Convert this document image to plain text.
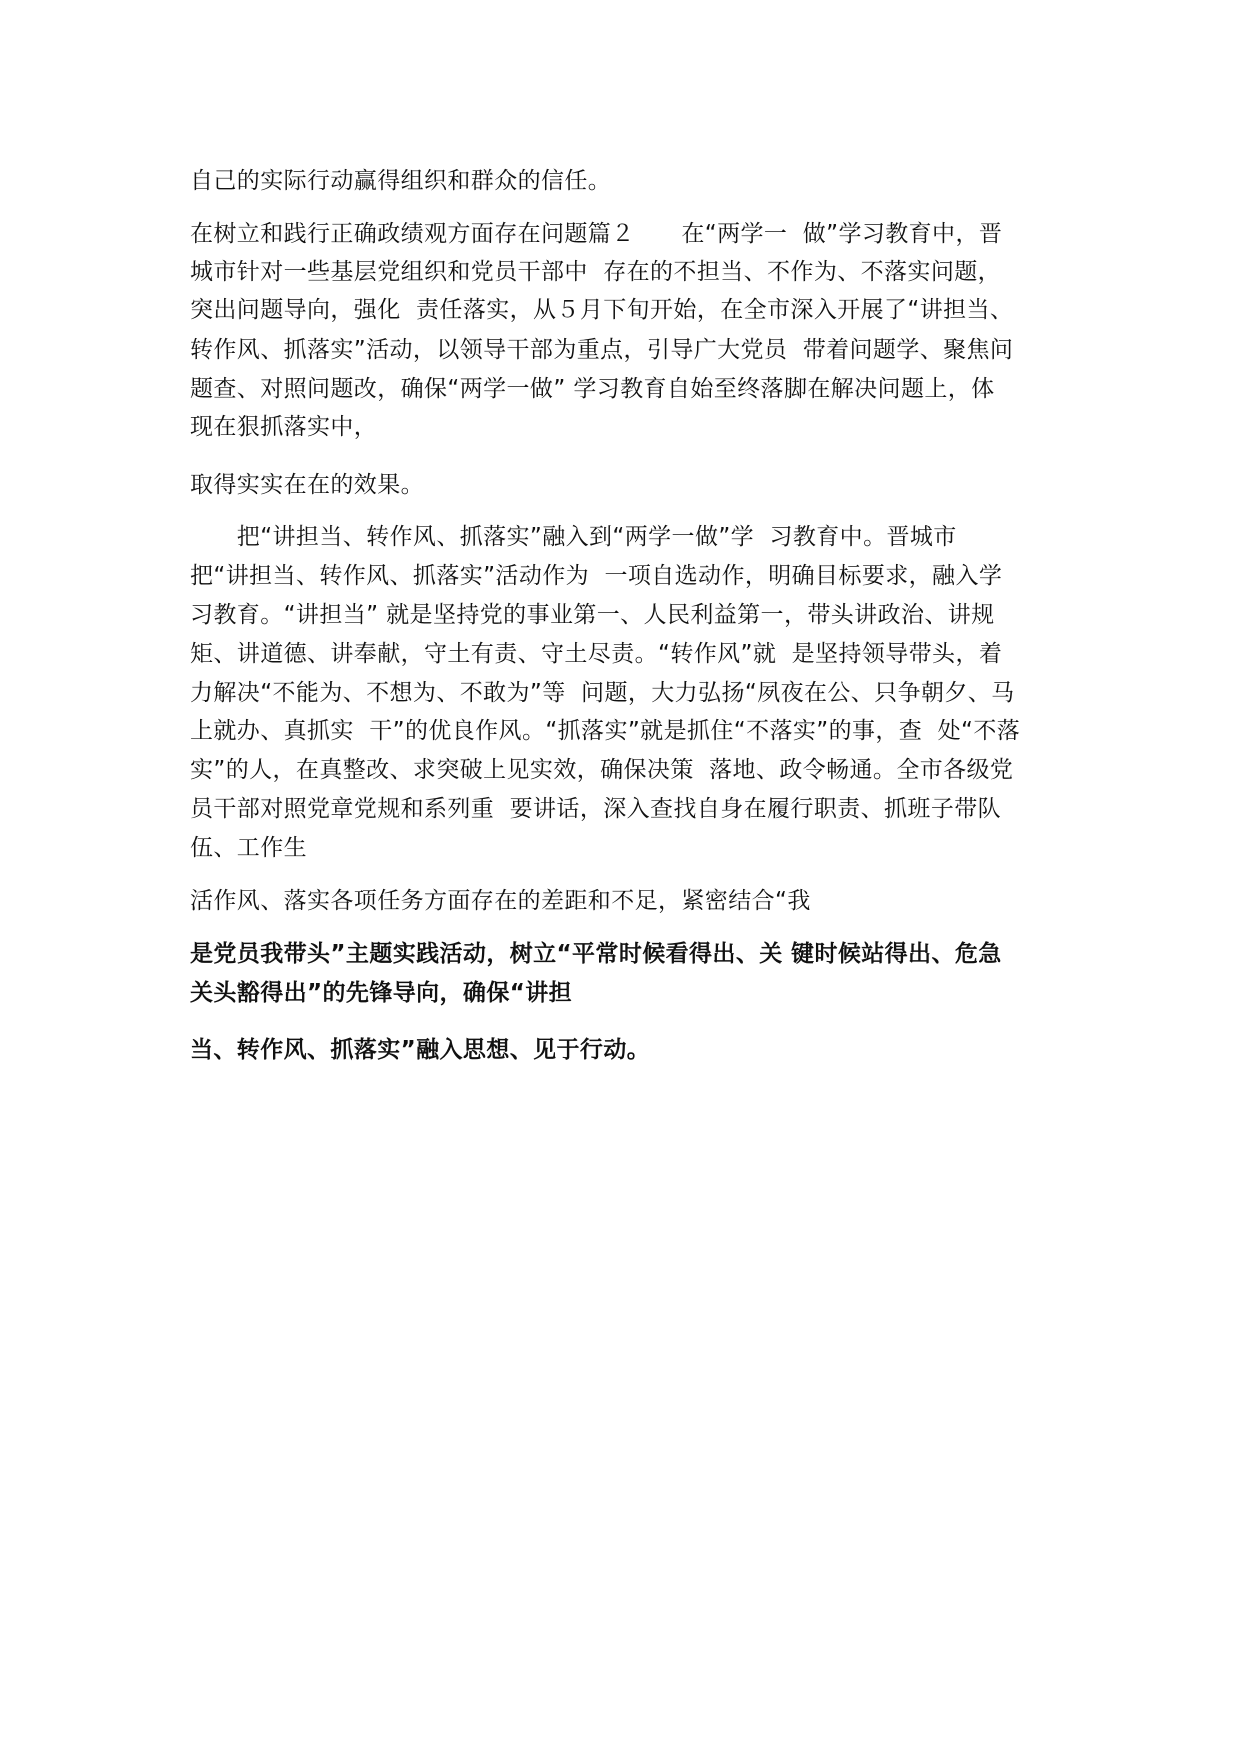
自己的实际行动赢得组织和群众的信任。
在树立和践行正确政绩观方面存在问题篇２　　在“两学一  做”学习教育中，晋
城市针对一些基层党组织和党员干部中  存在的不担当、不作为、不落实问题，
突出问题导向，强化  责任落实，从５月下旬开始，在全市深入开展了“讲担当、
转作风、抓落实”活动，以领导干部为重点，引导广大党员  带着问题学、聚焦问
题查、对照问题改，确保“两学一做” 学习教育自始至终落脚在解决问题上，体
现在狠抓落实中，
取得实实在在的效果。
　　把“讲担当、转作风、抓落实”融入到“两学一做”学  习教育中。晋城市
把“讲担当、转作风、抓落实”活动作为  一项自选动作，明确目标要求，融入学
习教育。“讲担当” 就是坚持党的事业第一、人民利益第一，带头讲政治、讲规
矩、讲道德、讲奉献，守土有责、守土尽责。“转作风”就  是坚持领导带头，着
力解决“不能为、不想为、不敢为”等  问题，大力弘扬“夙夜在公、只争朝夕、马
上就办、真抓实  干”的优良作风。“抓落实”就是抓住“不落实”的事，查  处“不落
实”的人，在真整改、求突破上见实效，确保决策  落地、政令畅通。全市各级党
员干部对照党章党规和系列重  要讲话，深入查找自身在履行职责、抓班子带队
伍、工作生
活作风、落实各项任务方面存在的差距和不足，紧密结合“我
是党员我带头”主题实践活动，树立“平常时候看得出、关 键时候站得出、危急
关头豁得出”的先锋导向，确保“讲担
当、转作风、抓落实”融入思想、见于行动。
